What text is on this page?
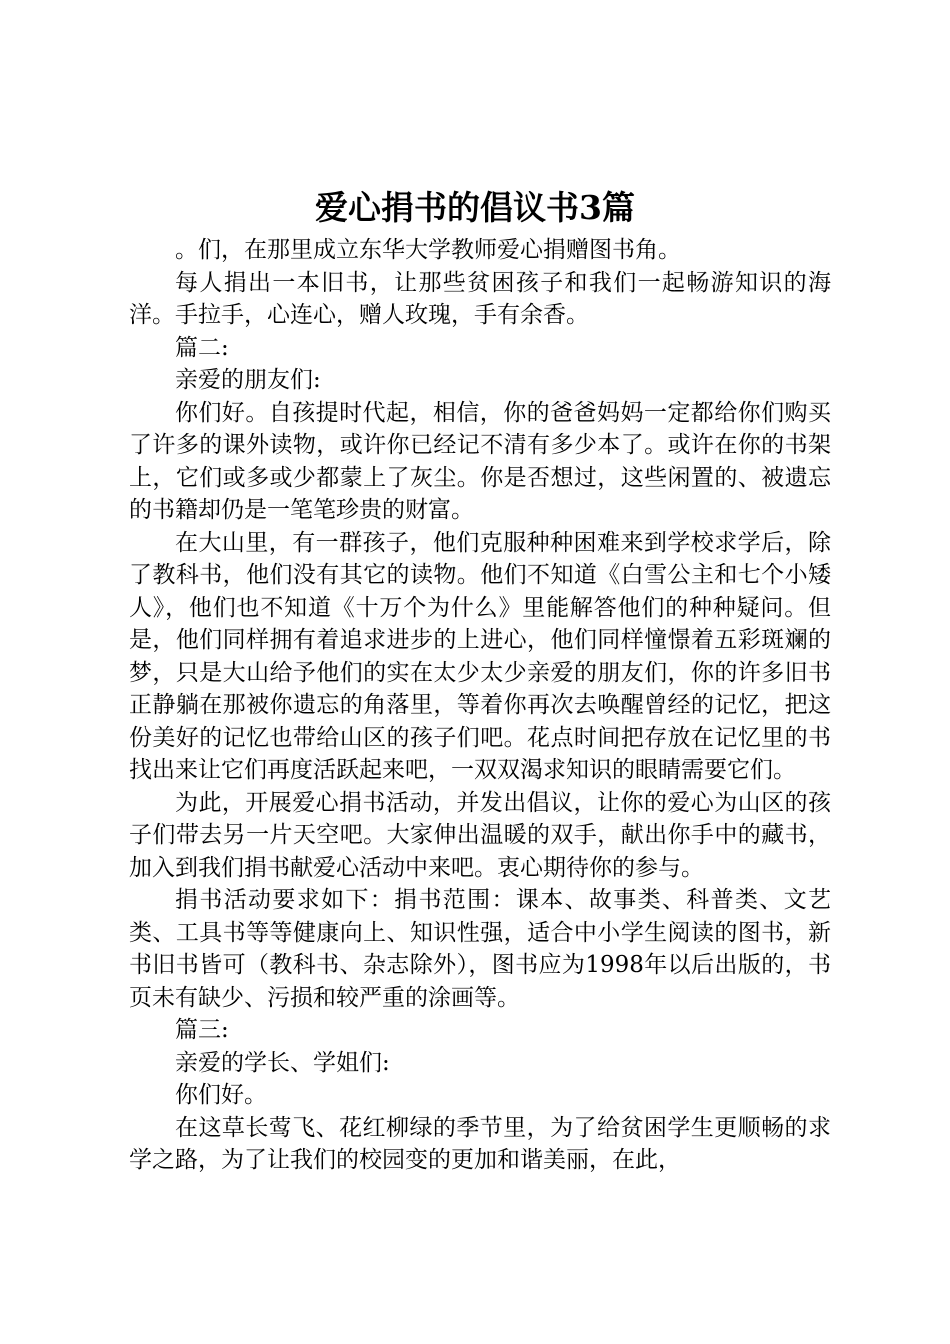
爱心捐书的倡议书3篇

。们，在那里成立东华大学教师爱心捐赠图书角。

每人捐出一本旧书，让那些贫困孩子和我们一起畅游知识的海洋。手拉手，心连心，赠人玫瑰，手有余香。

篇二:

亲爱的朋友们:

你们好。自孩提时代起，相信，你的爸爸妈妈一定都给你们购买了许多的课外读物，或许你已经记不清有多少本了。或许在你的书架上，它们或多或少都蒙上了灰尘。你是否想过，这些闲置的、被遗忘的书籍却仍是一笔笔珍贵的财富。

在大山里，有一群孩子，他们克服种种困难来到学校求学后，除了教科书，他们没有其它的读物。他们不知道《白雪公主和七个小矮人》，他们也不知道《十万个为什么》里能解答他们的种种疑问。但是，他们同样拥有着追求进步的上进心，他们同样憧憬着五彩斑斓的梦，只是大山给予他们的实在太少太少亲爱的朋友们，你的许多旧书正静躺在那被你遗忘的角落里，等着你再次去唤醒曾经的记忆，把这份美好的记忆也带给山区的孩子们吧。花点时间把存放在记忆里的书找出来让它们再度活跃起来吧，一双双渴求知识的眼睛需要它们。

为此，开展爱心捐书活动，并发出倡议，让你的爱心为山区的孩子们带去另一片天空吧。大家伸出温暖的双手，献出你手中的藏书，加入到我们捐书献爱心活动中来吧。衷心期待你的参与。

捐书活动要求如下：捐书范围：课本、故事类、科普类、文艺类、工具书等等健康向上、知识性强，适合中小学生阅读的图书，新书旧书皆可（教科书、杂志除外），图书应为1998年以后出版的，书页未有缺少、污损和较严重的涂画等。

篇三:

亲爱的学长、学姐们:

你们好。

在这草长莺飞、花红柳绿的季节里，为了给贫困学生更顺畅的求学之路，为了让我们的校园变的更加和谐美丽，在此，
